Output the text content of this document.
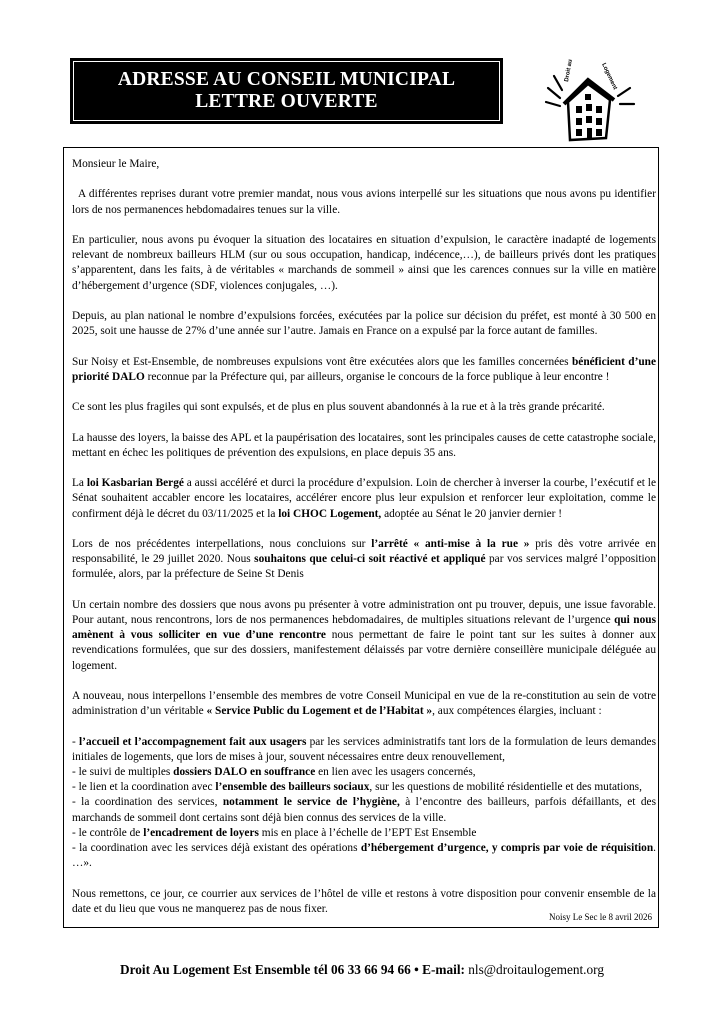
ADRESSE AU CONSEIL MUNICIPAL
LETTRE OUVERTE
Droit au	Logement

Monsieur le Maire,

A différentes reprises durant votre premier mandat, nous vous avions interpellé sur les situations que nous avons pu identifier lors de nos permanences hebdomadaires tenues sur la ville.

En particulier, nous avons pu évoquer la situation des locataires en situation d’expulsion, le caractère inadapté de logements relevant de nombreux bailleurs HLM (sur ou sous occupation, handicap, indécence,…), de bailleurs privés dont les pratiques s’apparentent, dans les faits, à de véritables « marchands de sommeil » ainsi que les carences connues sur la ville en matière d’hébergement d’urgence (SDF, violences conjugales, …).

Depuis, au plan national le nombre d’expulsions forcées, exécutées par la police sur décision du préfet, est monté à 30 500 en 2025, soit une hausse de 27% d’une année sur l’autre. Jamais en France on a expulsé par la force autant de familles.

Sur Noisy et Est-Ensemble, de nombreuses expulsions vont être exécutées alors que les familles concernées bénéficient d’une priorité DALO reconnue par la Préfecture qui, par ailleurs, organise le concours de la force publique à leur encontre !

Ce sont les plus fragiles qui sont expulsés, et de plus en plus souvent abandonnés à la rue et à la très grande précarité.

La hausse des loyers, la baisse des APL et la paupérisation des locataires, sont les principales causes de cette catastrophe sociale, mettant en échec les politiques de prévention des expulsions, en place depuis 35 ans.

La loi Kasbarian Bergé a aussi accéléré et durci la procédure d’expulsion. Loin de chercher à inverser la courbe, l’exécutif et le Sénat souhaitent accabler encore les locataires, accélérer encore plus leur expulsion et renforcer leur exploitation, comme le confirment déjà le décret du 03/11/2025 et la loi CHOC Logement, adoptée au Sénat le 20 janvier dernier !

Lors de nos précédentes interpellations, nous concluions sur l’arrêté « anti-mise à la rue » pris dès votre arrivée en responsabilité, le 29 juillet 2020. Nous souhaitons que celui-ci soit réactivé et appliqué par vos services malgré l’opposition formulée, alors, par la préfecture de Seine St Denis

Un certain nombre des dossiers que nous avons pu présenter à votre administration ont pu trouver, depuis, une issue favorable. Pour autant, nous rencontrons, lors de nos permanences hebdomadaires, de multiples situations relevant de l’urgence qui nous amènent à vous solliciter en vue d’une rencontre nous permettant de faire le point tant sur les suites à donner aux revendications formulées, que sur des dossiers, manifestement délaissés par votre dernière conseillère municipale déléguée au logement.

A nouveau, nous interpellons l’ensemble des membres de votre Conseil Municipal en vue de la re-constitution au sein de votre administration d’un véritable « Service Public du Logement et de l’Habitat », aux compétences élargies, incluant :

- l’accueil et l’accompagnement fait aux usagers par les services administratifs tant lors de la formulation de leurs demandes initiales de logements, que lors de mises à jour, souvent nécessaires entre deux renouvellement,

- le suivi de multiples dossiers DALO en souffrance en lien avec les usagers concernés,

- le lien et la coordination avec l’ensemble des bailleurs sociaux, sur les questions de mobilité résidentielle et des mutations,

- la coordination des services, notamment le service de l’hygiène, à l’encontre des bailleurs, parfois défaillants, et des marchands de sommeil dont certains sont déjà bien connus des services de la ville.

- le contrôle de l’encadrement de loyers mis en place à l’échelle de l’EPT Est Ensemble

- la coordination avec les services déjà existant des opérations d’hébergement d’urgence, y compris par voie de réquisition. …».

Nous remettons, ce jour, ce courrier aux services de l’hôtel de ville et restons à votre disposition pour convenir ensemble de la date et du lieu que vous ne manquerez pas de nous fixer.

Noisy Le Sec le 8 avril 2026
Droit Au Logement Est Ensemble tél 06 33 66 94 66 • E-mail: nls@droitaulogement.org
